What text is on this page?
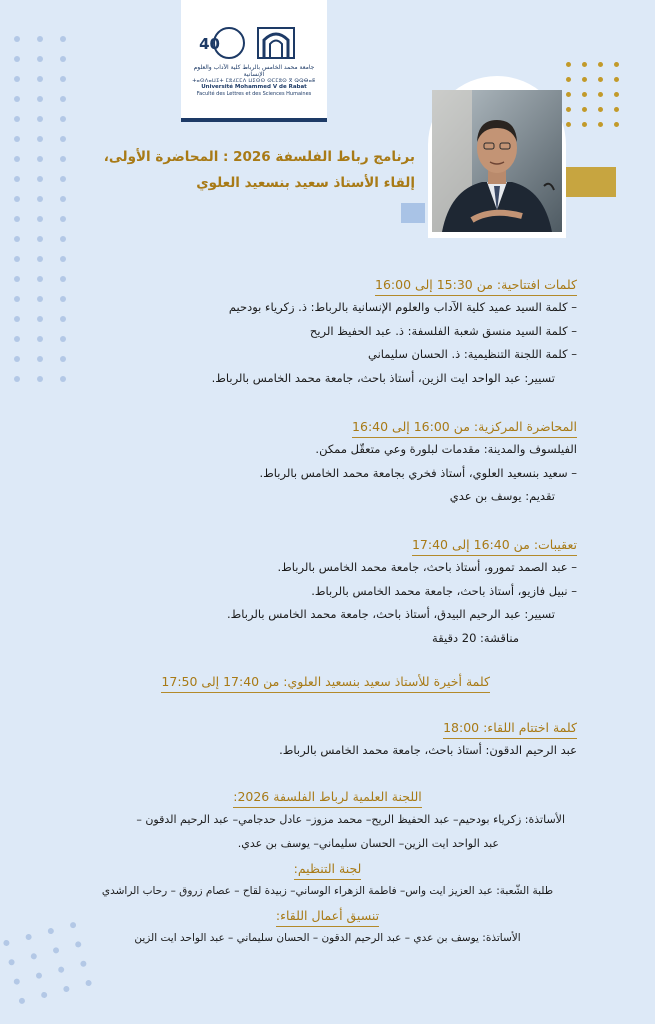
40
جامعة محمد الخامس بالرباط كلية الآداب والعلوم الإنسانية
ⵜⴰⵙⴷⴰⵡⵉⵜ ⵎⵓⵃⵎⵎⴷ ⵡⵉⵙⵙ ⵙⵎⵎⵓⵙ ⴳ ⵕⵕⴱⴰⵟ
Université Mohammed V de Rabat
Faculté des Lettres et des Sciences Humaines
برنامج رباط الفلسفة 2026 : المحاضرة الأولى،
إلقاء الأستاذ سعيد بنسعيد العلوي
كلمات افتتاحية: من 15:30 إلى 16:00
– كلمة السيد عميد كلية الآداب والعلوم الإنسانية بالرباط: ذ. زكرياء بودحيم
– كلمة السيد منسق شعبة الفلسفة: ذ. عبد الحفيظ الريح
– كلمة اللجنة التنظيمية: ذ. الحسان سليماني
تسيير: عبد الواحد ايت الزين، أستاذ باحث، جامعة محمد الخامس بالرباط.
المحاضرة المركزية: من 16:00 إلى 16:40
الفيلسوف والمدينة: مقدمات لبلورة وعي متعقّل ممكن.
– سعيد بنسعيد العلوي، أستاذ فخري بجامعة محمد الخامس بالرباط.
تقديم: يوسف بن عدي
تعقيبات: من 16:40 إلى 17:40
– عبد الصمد تمورو، أستاذ باحث، جامعة محمد الخامس بالرباط.
– نبيل فازيو، أستاذ باحث، جامعة محمد الخامس بالرباط.
تسيير: عبد الرحيم البيدق، أستاذ باحث، جامعة محمد الخامس بالرباط.
مناقشة: 20 دقيقة
كلمة أخيرة للأستاذ سعيد بنسعيد العلوي: من 17:40 إلى 17:50
كلمة اختتام اللقاء: 18:00
عبد الرحيم الدقون: أستاذ باحث، جامعة محمد الخامس بالرباط.
اللجنة العلمية لرباط الفلسفة 2026:
الأساتذة: زكرياء بودحيم– عبد الحفيظ الريح– محمد مزوز– عادل حدجامي– عبد الرحيم الدقون –
عبد الواحد ايت الزين– الحسان سليماني– يوسف بن عدي.
لجنة التنظيم:
طلبة الشّعبة: عبد العزيز ايت واس– فاطمة الزهراء الوساني– زبيدة لقاح – عصام زروق – رحاب الراشدي
تنسيق أعمال اللقاء:
الأساتذة: يوسف بن عدي – عبد الرحيم الدقون – الحسان سليماني – عبد الواحد ايت الزين
